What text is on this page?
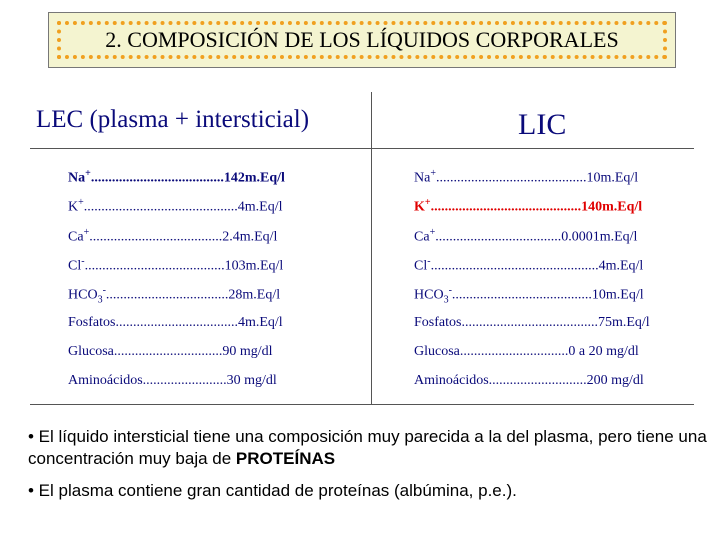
2. COMPOSICIÓN DE LOS LÍQUIDOS CORPORALES
LEC (plasma + intersticial)	LIC
Na+......................................142m.Eq/l
K+............................................4m.Eq/l
Ca+......................................2.4m.Eq/l
Cl-........................................103m.Eq/l
$HCO_3^-...................................28m.Eq/l$
Fosfatos...................................4m.Eq/l
Glucosa...............................90 mg/dl
Aminoácidos........................30 mg/dl
Na+...........................................10m.Eq/l
K+...........................................140m.Eq/l
Ca+....................................0.0001m.Eq/l
Cl-................................................4m.Eq/l
$HCO_3^-........................................10m.Eq/l$
Fosfatos.......................................75m.Eq/l
Glucosa...............................0 a 20 mg/dl
Aminoácidos............................200 mg/dl
• El líquido intersticial tiene una composición muy parecida a la del plasma, pero tiene una concentración muy baja de PROTEÍNAS
• El plasma contiene gran cantidad de proteínas (albúmina, p.e.).
